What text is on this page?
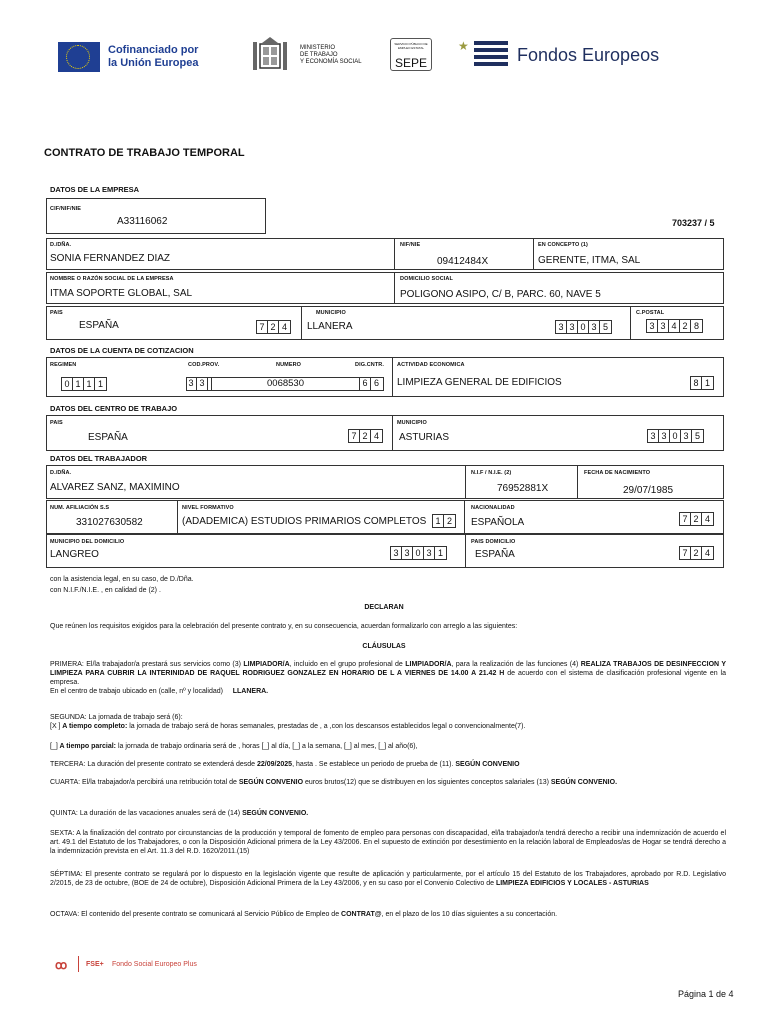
Cofinanciado por
la Unión Europea
MINISTERIO
DE TRABAJO
Y ECONOMÍA SOCIAL
SERVICIO PÚBLICO DE EMPLEO ESTATAL
SEPE
★	Fondos Europeos
CONTRATO DE TRABAJO TEMPORAL
DATOS DE LA EMPRESA
CIF/NIF/NIE
A33116062	703237 / 5
D./DÑA.
SONIA FERNANDEZ DIAZ
NIF/NIE
09412484X
EN CONCEPTO (1)
GERENTE, ITMA, SAL
NOMBRE O RAZÓN SOCIAL DE LA EMPRESA
ITMA SOPORTE GLOBAL, SAL
DOMICILIO SOCIAL
POLIGONO ASIPO, C/ B, PARC. 60, NAVE 5
PAIS
ESPAÑA	7 2 4
MUNICIPIO
LLANERA	3 3 0 3 5
C.POSTAL
3 3 4 2 8
DATOS DE LA CUENTA DE COTIZACION
REGIMEN
0 1 1 1
COD.PROV.	NUMERO	DIG.CNTR.
3 3	0068530	6 6
ACTIVIDAD ECONOMICA
LIMPIEZA GENERAL DE EDIFICIOS	8 1
DATOS DEL CENTRO DE TRABAJO
PAIS
ESPAÑA	7 2 4
MUNICIPIO
ASTURIAS	3 3 0 3 5
DATOS DEL TRABAJADOR
D./DÑA.
ALVAREZ SANZ, MAXIMINO
N.I.F / N.I.E. (2)
76952881X
FECHA DE NACIMIENTO
29/07/1985
NUM. AFILIACIÓN S.S
331027630582
NIVEL FORMATIVO
(ADADEMICA) ESTUDIOS PRIMARIOS COMPLETOS 1 2
NACIONALIDAD
ESPAÑOLA	7 2 4
MUNICIPIO DEL DOMICILIO
LANGREO	3 3 0 3 1
PAIS DOMICILIO
ESPAÑA	7 2 4
con la asistencia legal, en su caso, de D./Dña.
con N.I.F./N.I.E. , en calidad de (2) .
DECLARAN
Que reúnen los requisitos exigidos para la celebración del presente contrato y, en su consecuencia, acuerdan formalizarlo con arreglo a las siguientes:
CLÁUSULAS
PRIMERA: El/la trabajador/a prestará sus servicios como (3) LIMPIADOR/A, incluido en el grupo profesional de LIMPIADOR/A, para la realización de las funciones (4) REALIZA TRABAJOS DE DESINFECCION Y LIMPIEZA PARA CUBRIR LA INTERINIDAD DE RAQUEL RODRIGUEZ GONZALEZ EN HORARIO DE L A VIERNES DE 14.00 A 21.42 H de acuerdo con el sistema de clasificación profesional vigente en la empresa.
En el centro de trabajo ubicado en (calle, nº y localidad) LLANERA.
SEGUNDA: La jornada de trabajo será (6):
[X ] A tiempo completo: la jornada de trabajo será de horas semanales, prestadas de , a ,con los descansos establecidos legal o convencionalmente(7).
[_] A tiempo parcial: la jornada de trabajo ordinaria será de , horas [_] al día, [_] a la semana, [_] al mes, [_] al año(6),
TERCERA: La duración del presente contrato se extenderá desde 22/09/2025, hasta . Se establece un periodo de prueba de (11). SEGÚN CONVENIO
CUARTA: El/la trabajador/a percibirá una retribución total de SEGÚN CONVENIO euros brutos(12) que se distribuyen en los siguientes conceptos salariales (13) SEGÚN CONVENIO.
QUINTA: La duración de las vacaciones anuales será de (14) SEGÚN CONVENIO.
SEXTA: A la finalización del contrato por circunstancias de la producción y temporal de fomento de empleo para personas con discapacidad, el/la trabajador/a tendrá derecho a recibir una indemnización de acuerdo el art. 49.1 del Estatuto de los Trabajadores, o con la Disposición Adicional primera de la Ley 43/2006. En el supuesto de extinción por desestimiento en la relación laboral de Empleados/as de Hogar se tendrá derecho a la indemnización prevista en el Art. 11.3 del R.D. 1620/2011.(15)
SÉPTIMA: El presente contrato se regulará por lo dispuesto en la legislación vigente que resulte de aplicación y particularmente, por el artículo 15 del Estatuto de los Trabajadores, aprobado por R.D. Legislativo 2/2015, de 23 de octubre, (BOE de 24 de octubre), Disposición Adicional Primera de la Ley 43/2006, y en su caso por el Convenio Colectivo de LIMPIEZA EDIFICIOS Y LOCALES - ASTURIAS
OCTAVA: El contenido del presente contrato se comunicará al Servicio Público de Empleo de CONTRAT@, en el plazo de los 10 días siguientes a su concertación.
ꝏ	FSE+ Fondo Social Europeo Plus
Página 1 de 4
